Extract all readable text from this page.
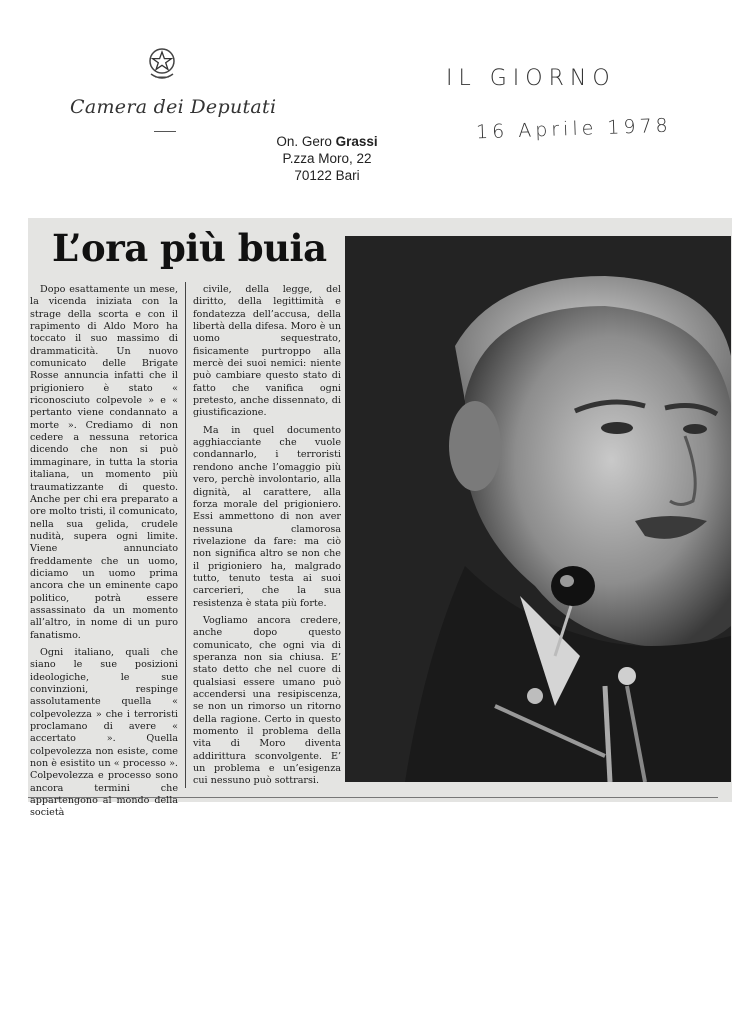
Camera dei Deputati
On. Gero Grassi
P.zza Moro, 22
70122 Bari
IL GIORNO
16 Aprile 1978
L’ora più buia

Dopo esattamente un mese, la vicenda iniziata con la strage della scorta e con il rapimento di Aldo Moro ha toccato il suo massimo di drammaticità. Un nuovo comunicato delle Brigate Rosse annuncia infatti che il prigioniero è stato « riconosciuto colpevole » e « pertanto viene condannato a morte ». Crediamo di non cedere a nessuna retorica dicendo che non si può immaginare, in tutta la storia italiana, un momento più traumatizzante di questo. Anche per chi era preparato a ore molto tristi, il comunicato, nella sua gelida, crudele nudità, supera ogni limite. Viene annunciato freddamente che un uomo, diciamo un uomo prima ancora che un eminente capo politico, potrà essere assassinato da un momento all’altro, in nome di un puro fanatismo.

Ogni italiano, quali che siano le sue posizioni ideologiche, le sue convinzioni, respinge assolutamente quella « colpevolezza » che i terroristi proclamano di avere « accertato ». Quella colpevolezza non esiste, come non è esistito un « processo ». Colpevolezza e processo sono ancora termini che appartengono al mondo della società

civile, della legge, del diritto, della legittimità e fondatezza dell’accusa, della libertà della difesa. Moro è un uomo sequestrato, fisicamente purtroppo alla mercè dei suoi nemici: niente può cambiare questo stato di fatto che vanifica ogni pretesto, anche dissennato, di giustificazione.

Ma in quel documento agghiacciante che vuole condannarlo, i terroristi rendono anche l’omaggio più vero, perchè involontario, alla dignità, al carattere, alla forza morale del prigioniero. Essi ammettono di non aver nessuna clamorosa rivelazione da fare: ma ciò non significa altro se non che il prigioniero ha, malgrado tutto, tenuto testa ai suoi carcerieri, che la sua resistenza è stata più forte.

Vogliamo ancora credere, anche dopo questo comunicato, che ogni via di speranza non sia chiusa. E’ stato detto che nel cuore di qualsiasi essere umano può accendersi una resipiscenza, se non un rimorso un ritorno della ragione. Certo in questo momento il problema della vita di Moro diventa addirittura sconvolgente. E’ un problema e un’esigenza cui nessuno può sottrarsi.
